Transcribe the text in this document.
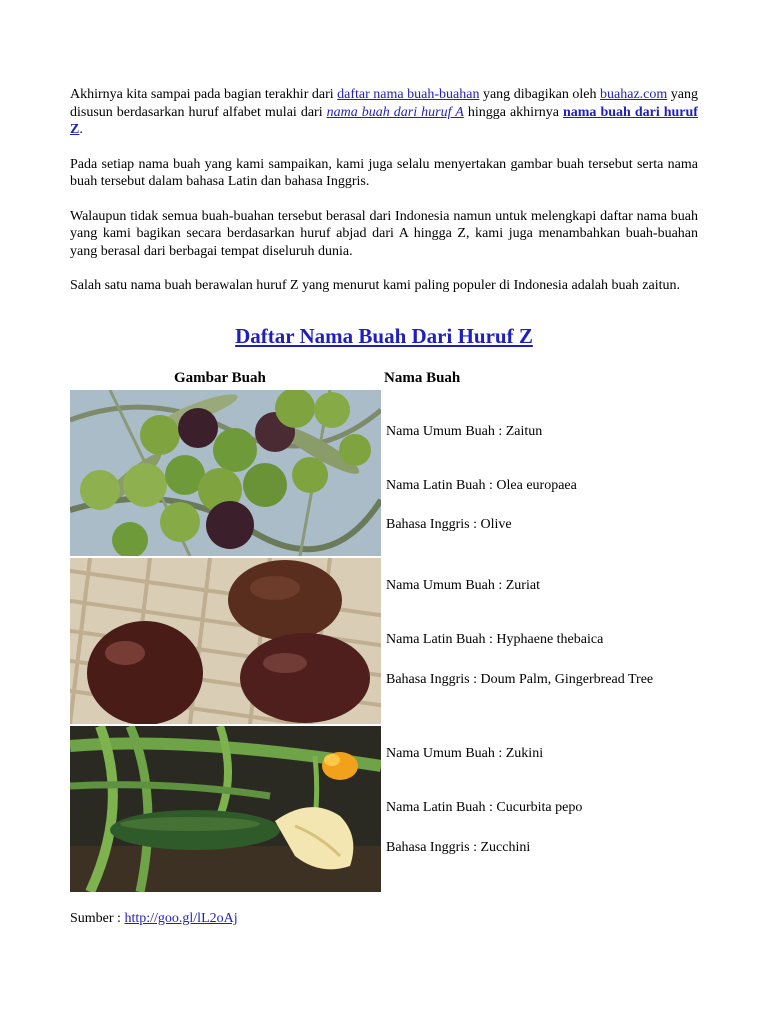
Akhirnya kita sampai pada bagian terakhir dari daftar nama buah-buahan yang dibagikan oleh buahaz.com yang disusun berdasarkan huruf alfabet mulai dari nama buah dari huruf A hingga akhirnya nama buah dari huruf Z.

Pada setiap nama buah yang kami sampaikan, kami juga selalu menyertakan gambar buah tersebut serta nama buah tersebut dalam bahasa Latin dan bahasa Inggris.

Walaupun tidak semua buah-buahan tersebut berasal dari Indonesia namun untuk melengkapi daftar nama buah yang kami bagikan secara berdasarkan huruf abjad dari A hingga Z, kami juga menambahkan buah-buahan yang berasal dari berbagai tempat diseluruh dunia.

Salah satu nama buah berawalan huruf Z yang menurut kami paling populer di Indonesia adalah buah zaitun.

Daftar Nama Buah Dari Huruf Z
Gambar Buah	Nama Buah
Nama Umum Buah : Zaitun
Nama Latin Buah : Olea europaea
Bahasa Inggris : Olive
Nama Umum Buah : Zuriat
Nama Latin Buah : Hyphaene thebaica
Bahasa Inggris : Doum Palm, Gingerbread Tree
Nama Umum Buah : Zukini
Nama Latin Buah : Cucurbita pepo
Bahasa Inggris : Zucchini
Sumber : http://goo.gl/lL2oAj
